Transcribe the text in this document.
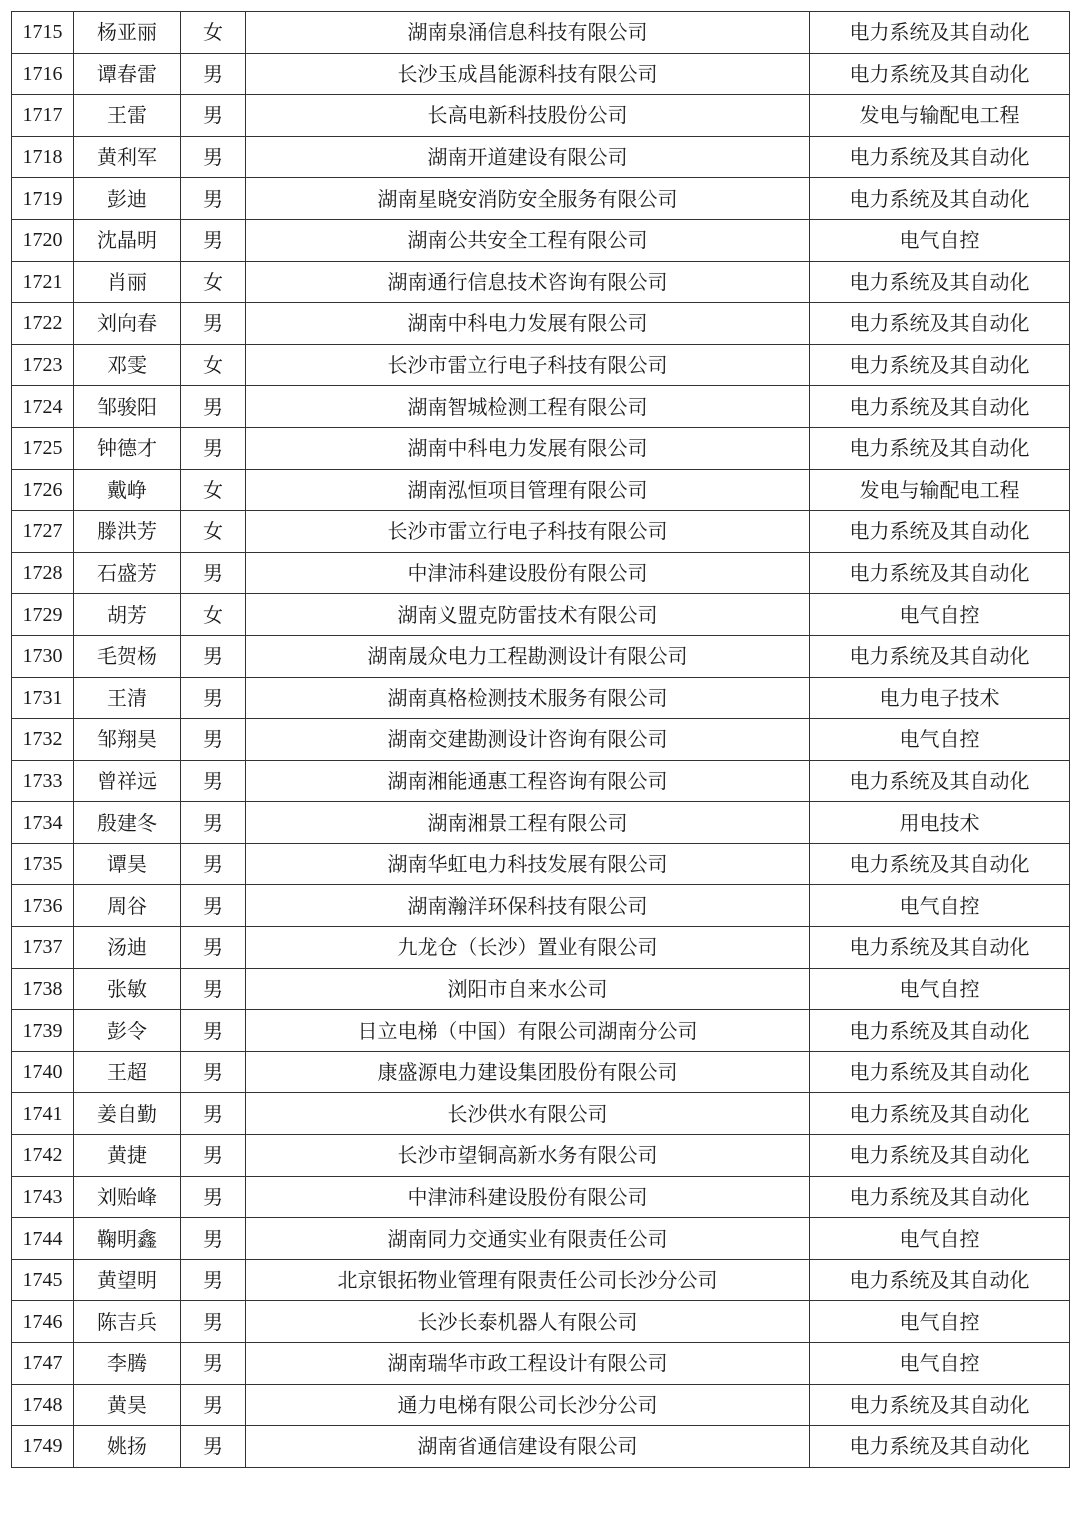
1715	杨亚丽	女	湖南泉涌信息科技有限公司	电力系统及其自动化
1716	谭春雷	男	长沙玉成昌能源科技有限公司	电力系统及其自动化
1717	王雷	男	长高电新科技股份公司	发电与输配电工程
1718	黄利军	男	湖南开道建设有限公司	电力系统及其自动化
1719	彭迪	男	湖南星晓安消防安全服务有限公司	电力系统及其自动化
1720	沈晶明	男	湖南公共安全工程有限公司	电气自控
1721	肖丽	女	湖南通行信息技术咨询有限公司	电力系统及其自动化
1722	刘向春	男	湖南中科电力发展有限公司	电力系统及其自动化
1723	邓雯	女	长沙市雷立行电子科技有限公司	电力系统及其自动化
1724	邹骏阳	男	湖南智城检测工程有限公司	电力系统及其自动化
1725	钟德才	男	湖南中科电力发展有限公司	电力系统及其自动化
1726	戴峥	女	湖南泓恒项目管理有限公司	发电与输配电工程
1727	滕洪芳	女	长沙市雷立行电子科技有限公司	电力系统及其自动化
1728	石盛芳	男	中津沛科建设股份有限公司	电力系统及其自动化
1729	胡芳	女	湖南义盟克防雷技术有限公司	电气自控
1730	毛贺杨	男	湖南晟众电力工程勘测设计有限公司	电力系统及其自动化
1731	王清	男	湖南真格检测技术服务有限公司	电力电子技术
1732	邹翔昊	男	湖南交建勘测设计咨询有限公司	电气自控
1733	曾祥远	男	湖南湘能通惠工程咨询有限公司	电力系统及其自动化
1734	殷建冬	男	湖南湘景工程有限公司	用电技术
1735	谭昊	男	湖南华虹电力科技发展有限公司	电力系统及其自动化
1736	周谷	男	湖南瀚洋环保科技有限公司	电气自控
1737	汤迪	男	九龙仓（长沙）置业有限公司	电力系统及其自动化
1738	张敏	男	浏阳市自来水公司	电气自控
1739	彭令	男	日立电梯（中国）有限公司湖南分公司	电力系统及其自动化
1740	王超	男	康盛源电力建设集团股份有限公司	电力系统及其自动化
1741	姜自勤	男	长沙供水有限公司	电力系统及其自动化
1742	黄捷	男	长沙市望铜高新水务有限公司	电力系统及其自动化
1743	刘贻峰	男	中津沛科建设股份有限公司	电力系统及其自动化
1744	鞠明鑫	男	湖南同力交通实业有限责任公司	电气自控
1745	黄望明	男	北京银拓物业管理有限责任公司长沙分公司	电力系统及其自动化
1746	陈吉兵	男	长沙长泰机器人有限公司	电气自控
1747	李腾	男	湖南瑞华市政工程设计有限公司	电气自控
1748	黄昊	男	通力电梯有限公司长沙分公司	电力系统及其自动化
1749	姚扬	男	湖南省通信建设有限公司	电力系统及其自动化
